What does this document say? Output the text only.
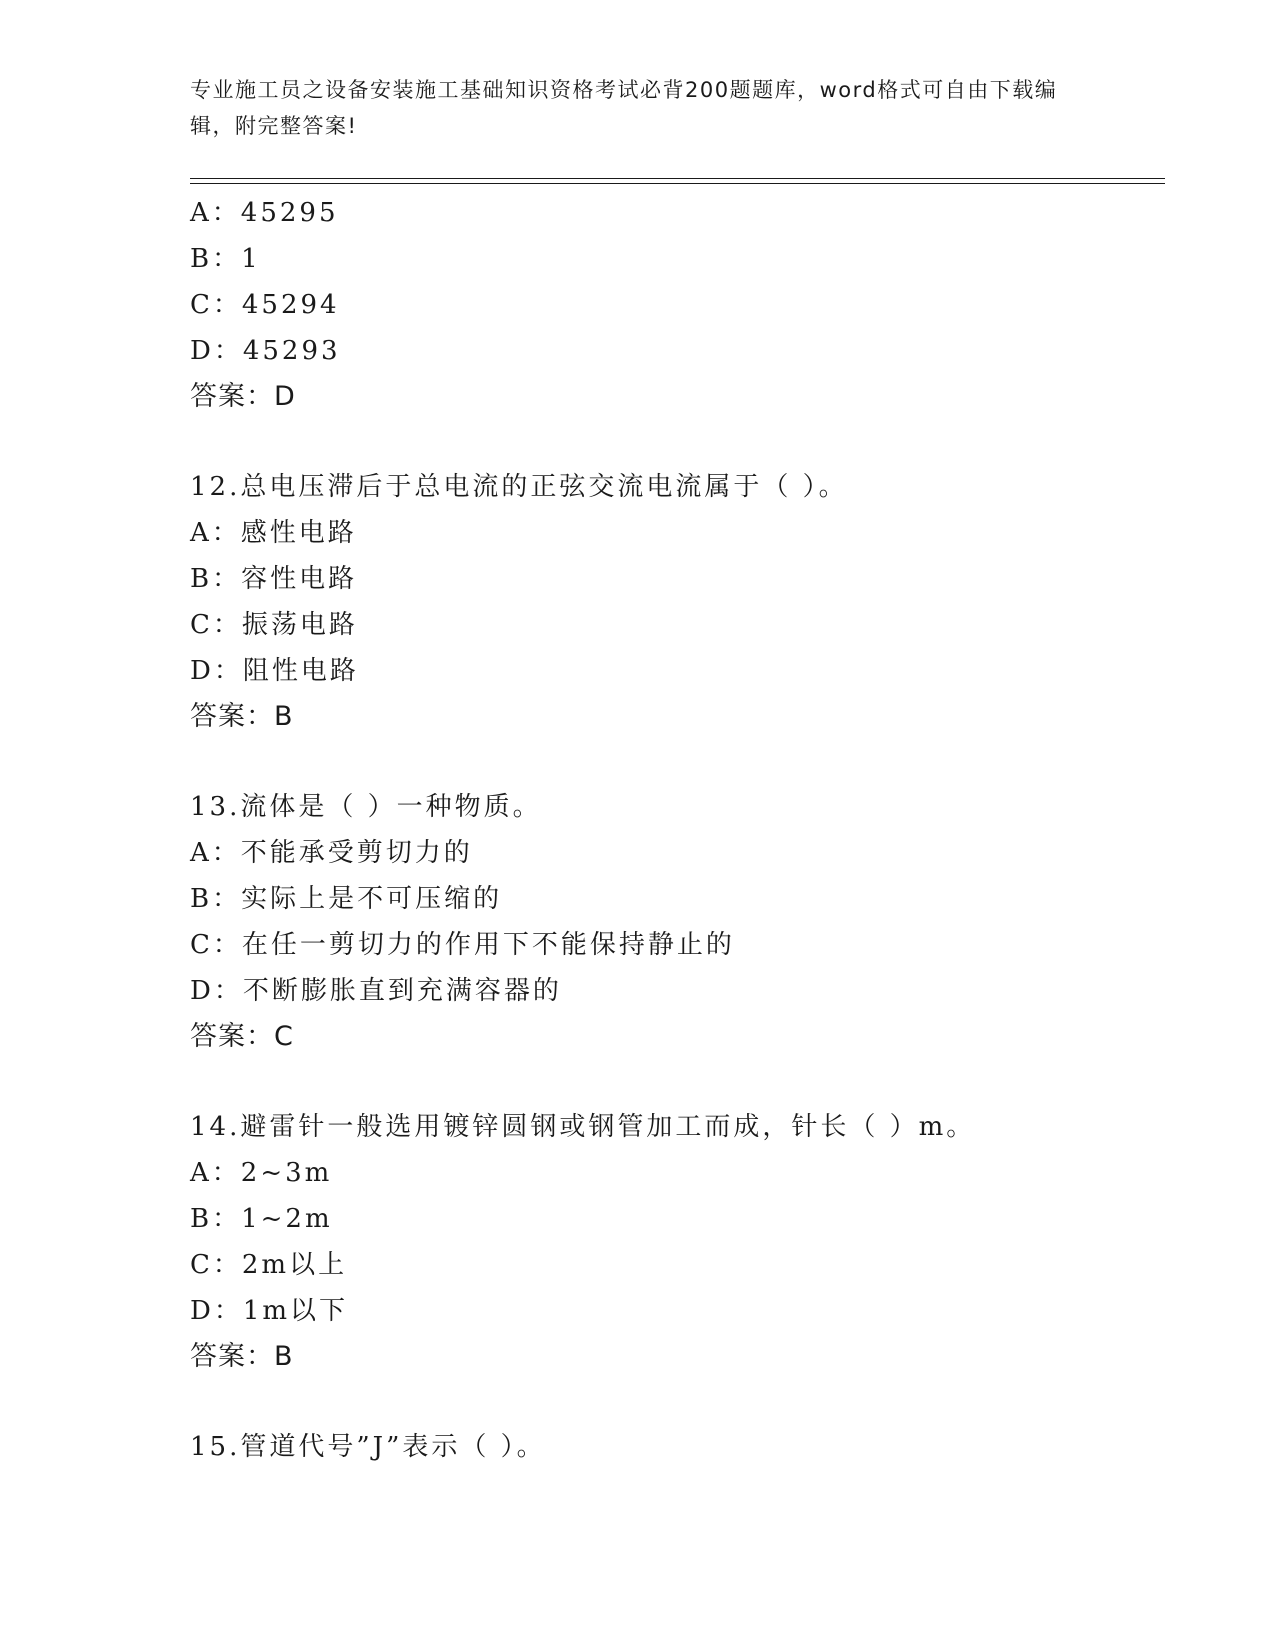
专业施工员之设备安装施工基础知识资格考试必背200题题库，word格式可自由下载编辑，附完整答案!
A：45295
B：1
C：45294
D：45293
答案：D
12.总电压滞后于总电流的正弦交流电流属于（ ）。
A：感性电路
B：容性电路
C：振荡电路
D：阻性电路
答案：B
13.流体是（ ）一种物质。
A：不能承受剪切力的
B：实际上是不可压缩的
C：在任一剪切力的作用下不能保持静止的
D：不断膨胀直到充满容器的
答案：C
14.避雷针一般选用镀锌圆钢或钢管加工而成，针长（ ）m。
A：2~3m
B：1~2m
C：2m以上
D：1m以下
答案：B
15.管道代号”J”表示（ ）。
